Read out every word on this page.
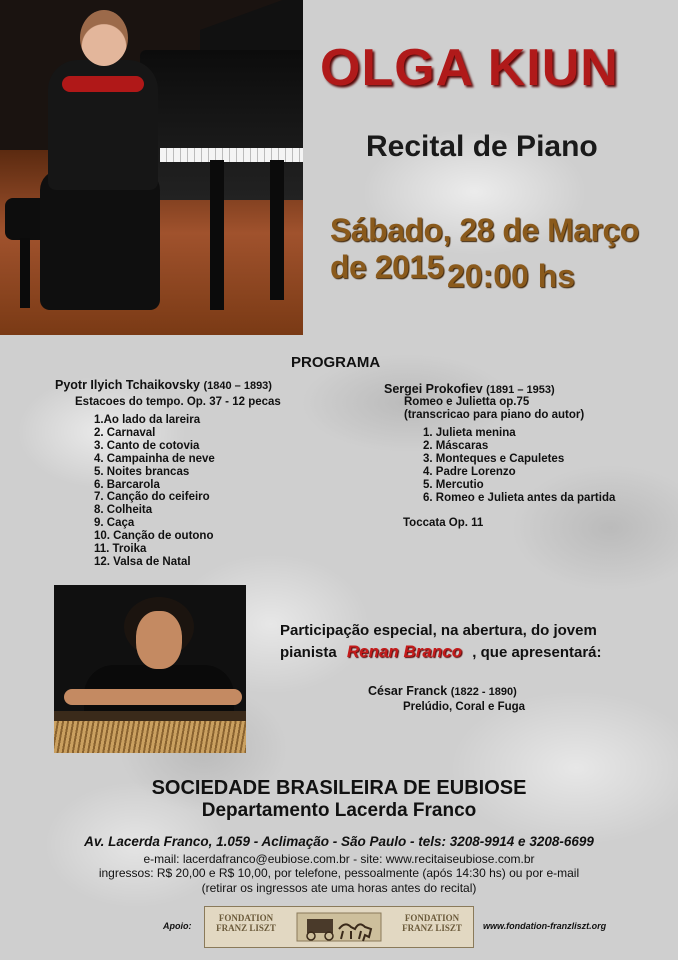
OLGA KIUN
Recital de Piano
Sábado, 28 de Março de 2015 20:00 hs
PROGRAMA
Pyotr Ilyich Tchaikovsky (1840 – 1893)
Estacoes do tempo. Op. 37 - 12 pecas
1.Ao lado da lareira
2. Carnaval
3. Canto de cotovia
4. Campainha de neve
5. Noites brancas
6. Barcarola
7. Canção do ceifeiro
8. Colheita
9. Caça
10. Canção de outono
11. Troika
12. Valsa de Natal
Sergei Prokofiev (1891 – 1953)
Romeo e Julietta op.75
(transcricao para piano do autor)
1. Julieta menina
2. Máscaras
3. Monteques e Capuletes
4. Padre Lorenzo
5. Mercutio
6. Romeo e Julieta antes da partida
Toccata Op. 11
Participação especial, na abertura, do jovem
pianista Renan Branco , que apresentará:
César Franck (1822 - 1890)
Prelúdio, Coral e Fuga
SOCIEDADE BRASILEIRA DE EUBIOSE
Departamento Lacerda Franco
Av. Lacerda Franco, 1.059 - Aclimação - São Paulo - tels: 3208-9914 e 3208-6699
e-mail: lacerdafranco@eubiose.com.br - site: www.recitaiseubiose.com.br
ingressos: R$ 20,00 e R$ 10,00, por telefone, pessoalmente (após 14:30 hs) ou por e-mail
(retirar os ingressos ate uma horas antes do recital)
Apoio:
FONDATION
FRANZ LISZT
FONDATION
FRANZ LISZT	www.fondation-franzliszt.org
